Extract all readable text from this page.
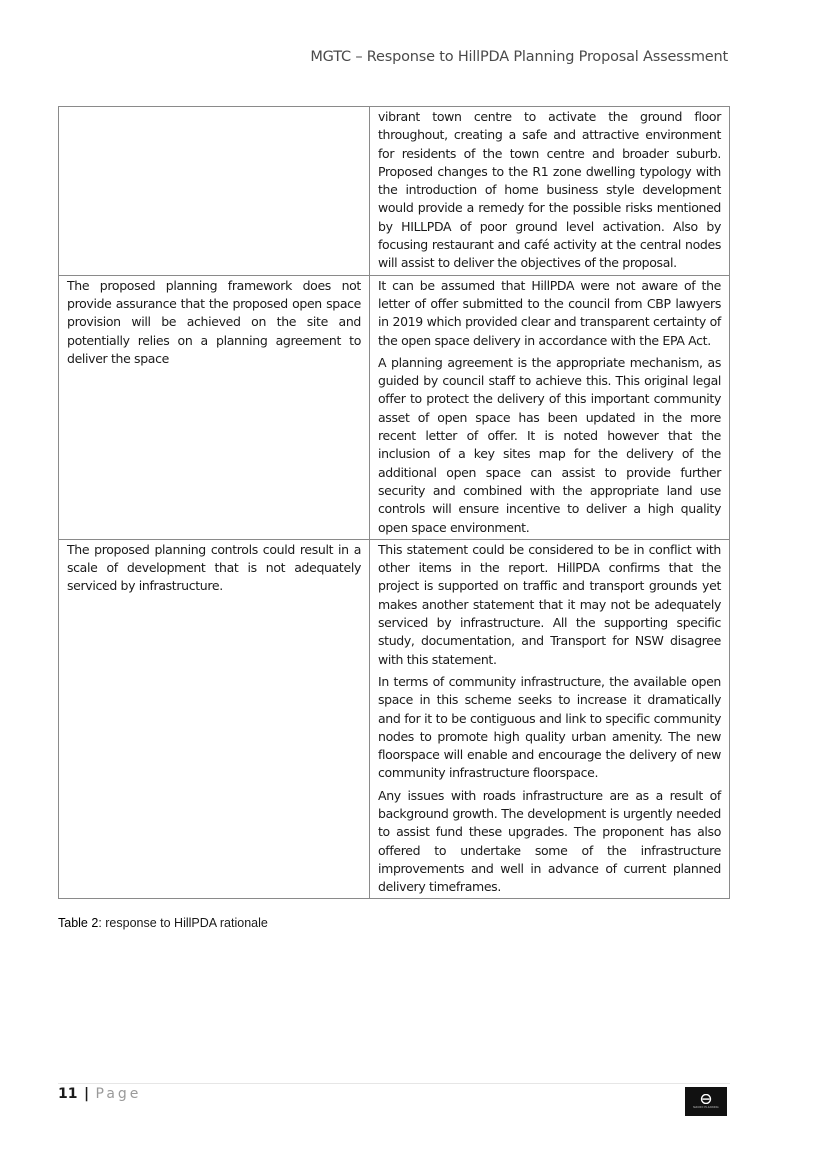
MGTC – Response to HillPDA Planning Proposal Assessment

	vibrant town centre to activate the ground floor throughout, creating a safe and attractive environment for residents of the town centre and broader suburb. Proposed changes to the R1 zone dwelling typology with the introduction of home business style development would provide a remedy for the possible risks mentioned by HILLPDA of poor ground level activation. Also by focusing restaurant and café activity at the central nodes will assist to deliver the objectives of the proposal.

The proposed planning framework does not provide assurance that the proposed open space provision will be achieved on the site and potentially relies on a planning agreement to deliver the space	It can be assumed that HillPDA were not aware of the letter of offer submitted to the council from CBP lawyers in 2019 which provided clear and transparent certainty of the open space delivery in accordance with the EPA Act.

A planning agreement is the appropriate mechanism, as guided by council staff to achieve this. This original legal offer to protect the delivery of this important community asset of open space has been updated in the more recent letter of offer. It is noted however that the inclusion of a key sites map for the delivery of the additional open space can assist to provide further security and combined with the appropriate land use controls will ensure incentive to deliver a high quality open space environment.

The proposed planning controls could result in a scale of development that is not adequately serviced by infrastructure.	This statement could be considered to be in conflict with other items in the report. HillPDA confirms that the project is supported on traffic and transport grounds yet makes another statement that it may not be adequately serviced by infrastructure. All the supporting specific study, documentation, and Transport for NSW disagree with this statement.

In terms of community infrastructure, the available open space in this scheme seeks to increase it dramatically and for it to be contiguous and link to specific community nodes to promote high quality urban amenity. The new floorspace will enable and encourage the delivery of new community infrastructure floorspace.

Any issues with roads infrastructure are as a result of background growth. The development is urgently needed to assist fund these upgrades. The proponent has also offered to undertake some of the infrastructure improvements and well in advance of current planned delivery timeframes.

Table 2: response to HillPDA rationale
11 | Page
MACRO PLANNING
